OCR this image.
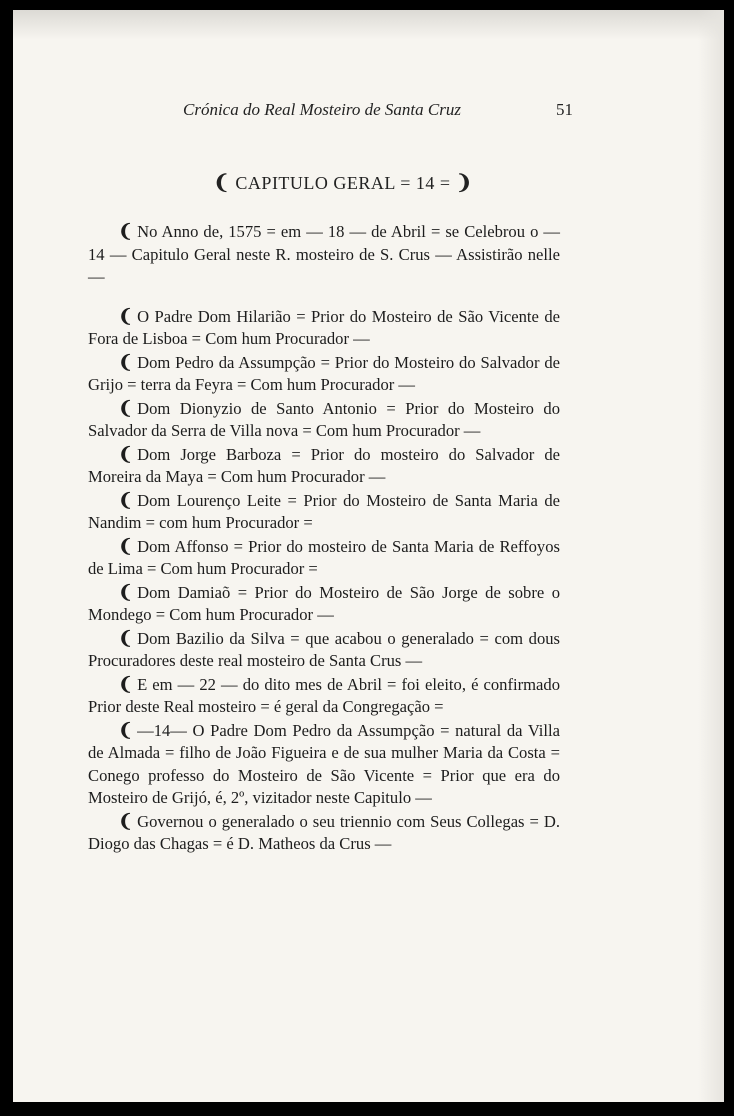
Crónica do Real Mosteiro de Santa Cruz	51
❨ CAPITULO GERAL = 14 = ❩

❨ No Anno de, 1575 = em — 18 — de Abril = se Celebrou o — 14 — Capitulo Geral neste R. mosteiro de S. Crus — Assistirão nelle —

❨ O Padre Dom Hilarião = Prior do Mosteiro de São Vicente de Fora de Lisboa = Com hum Procurador —

❨ Dom Pedro da Assumpção = Prior do Mosteiro do Salvador de Grijo = terra da Feyra = Com hum Procurador —

❨ Dom Dionyzio de Santo Antonio = Prior do Mosteiro do Salvador da Serra de Villa nova = Com hum Procurador —

❨ Dom Jorge Barboza = Prior do mosteiro do Salvador de Moreira da Maya = Com hum Procurador —

❨ Dom Lourenço Leite = Prior do Mosteiro de Santa Maria de Nandim = com hum Procurador =

❨ Dom Affonso = Prior do mosteiro de Santa Maria de Reffoyos de Lima = Com hum Procurador =

❨ Dom Damiaõ = Prior do Mosteiro de São Jorge de sobre o Mondego = Com hum Procurador —

❨ Dom Bazilio da Silva = que acabou o generalado = com dous Procuradores deste real mosteiro de Santa Crus —

❨ E em — 22 — do dito mes de Abril = foi eleito, é confirmado Prior deste Real mosteiro = é geral da Congregação =

❨ —14— O Padre Dom Pedro da Assumpção = natural da Villa de Almada = filho de João Figueira e de sua mulher Maria da Costa = Conego professo do Mosteiro de São Vicente = Prior que era do Mosteiro de Grijó, é, 2º, vizitador neste Capitulo —

❨ Governou o generalado o seu triennio com Seus Collegas = D. Diogo das Chagas = é D. Matheos da Crus —
